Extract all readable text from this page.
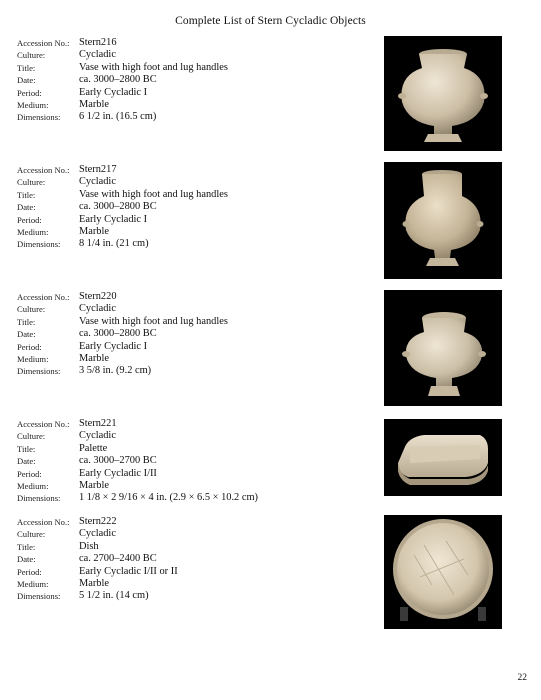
Complete List of Stern Cycladic Objects
Accession No.: Stern216
Culture:	Cycladic
Title:	Vase with high foot and lug handles
Date:	ca. 3000–2800 BC
Period:	Early Cycladic I
Medium:	Marble
Dimensions:	6 1/2 in. (16.5 cm)
Accession No.: Stern217
Culture:	Cycladic
Title:	Vase with high foot and lug handles
Date:	ca. 3000–2800 BC
Period:	Early Cycladic I
Medium:	Marble
Dimensions:	8 1/4 in. (21 cm)
Accession No.: Stern220
Culture:	Cycladic
Title:	Vase with high foot and lug handles
Date:	ca. 3000–2800 BC
Period:	Early Cycladic I
Medium:	Marble
Dimensions:	3 5/8 in. (9.2 cm)
Accession No.: Stern221
Culture:	Cycladic
Title:	Palette
Date:	ca. 3000–2700 BC
Period:	Early Cycladic I/II
Medium:	Marble
Dimensions:	1 1/8 × 2 9/16 × 4 in. (2.9 × 6.5 × 10.2 cm)
Accession No.: Stern222
Culture:	Cycladic
Title:	Dish
Date:	ca. 2700–2400 BC
Period:	Early Cycladic I/II or II
Medium:	Marble
Dimensions:	5 1/2 in. (14 cm)
22
